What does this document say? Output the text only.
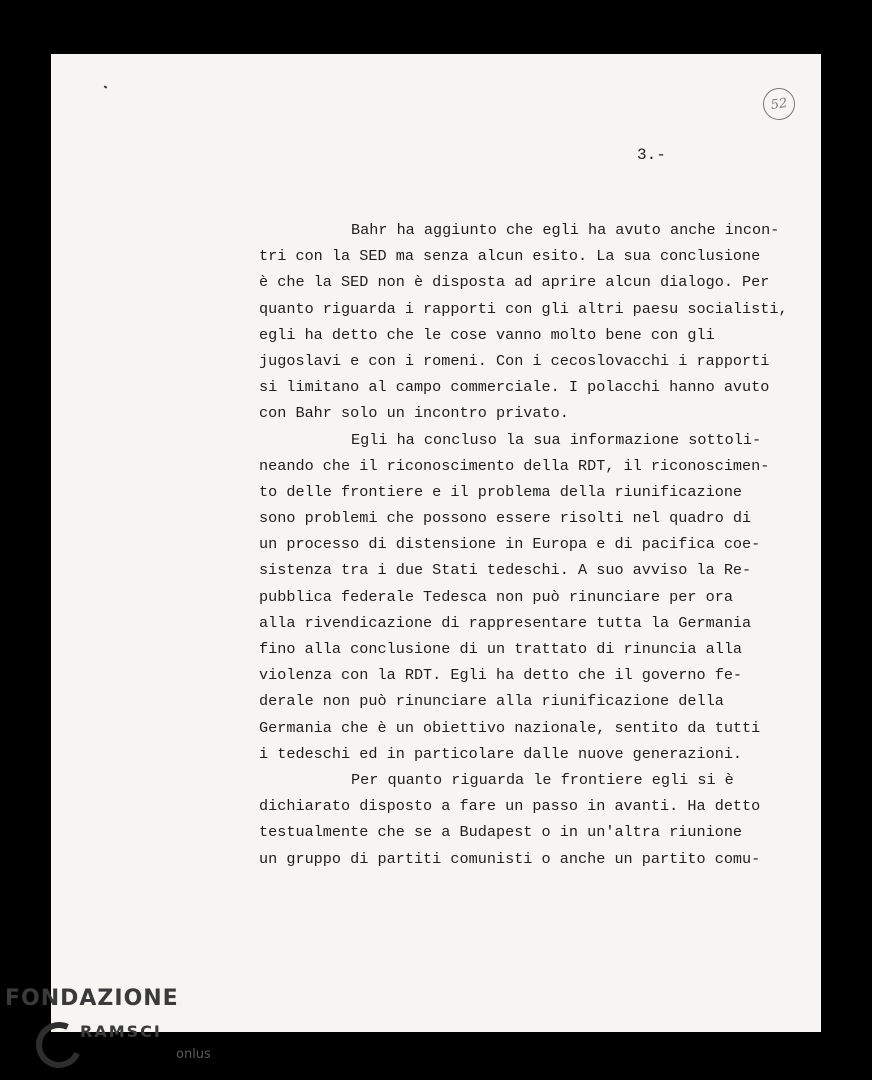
52
3.-
Bahr ha aggiunto che egli ha avuto anche incon-
tri con la SED ma senza alcun esito. La sua conclusione
è che la SED non è disposta ad aprire alcun dialogo. Per
quanto riguarda i rapporti con gli altri paesu socialisti,
egli ha detto che le cose vanno molto bene con gli
jugoslavi e con i romeni. Con i cecoslovacchi i rapporti
si limitano al campo commerciale. I polacchi hanno avuto
con Bahr solo un incontro privato.
Egli ha concluso la sua informazione sottoli-
neando che il riconoscimento della RDT, il riconoscimen-
to delle frontiere e il problema della riunificazione
sono problemi che possono essere risolti nel quadro di
un processo di distensione in Europa e di pacifica coe-
sistenza tra i due Stati tedeschi. A suo avviso la Re-
pubblica federale Tedesca non può rinunciare per ora
alla rivendicazione di rappresentare tutta la Germania
fino alla conclusione di un trattato di rinuncia alla
violenza con la RDT. Egli ha detto che il governo fe-
derale non può rinunciare alla riunificazione della
Germania che è un obiettivo nazionale, sentito da tutti
i tedeschi ed in particolare dalle nuove generazioni.
Per quanto riguarda le frontiere egli si è
dichiarato disposto a fare un passo in avanti. Ha detto
testualmente che se a Budapest o in un'altra riunione
un gruppo di partiti comunisti o anche un partito comu-
FONDAZIONE
RAMSCI
onlus
